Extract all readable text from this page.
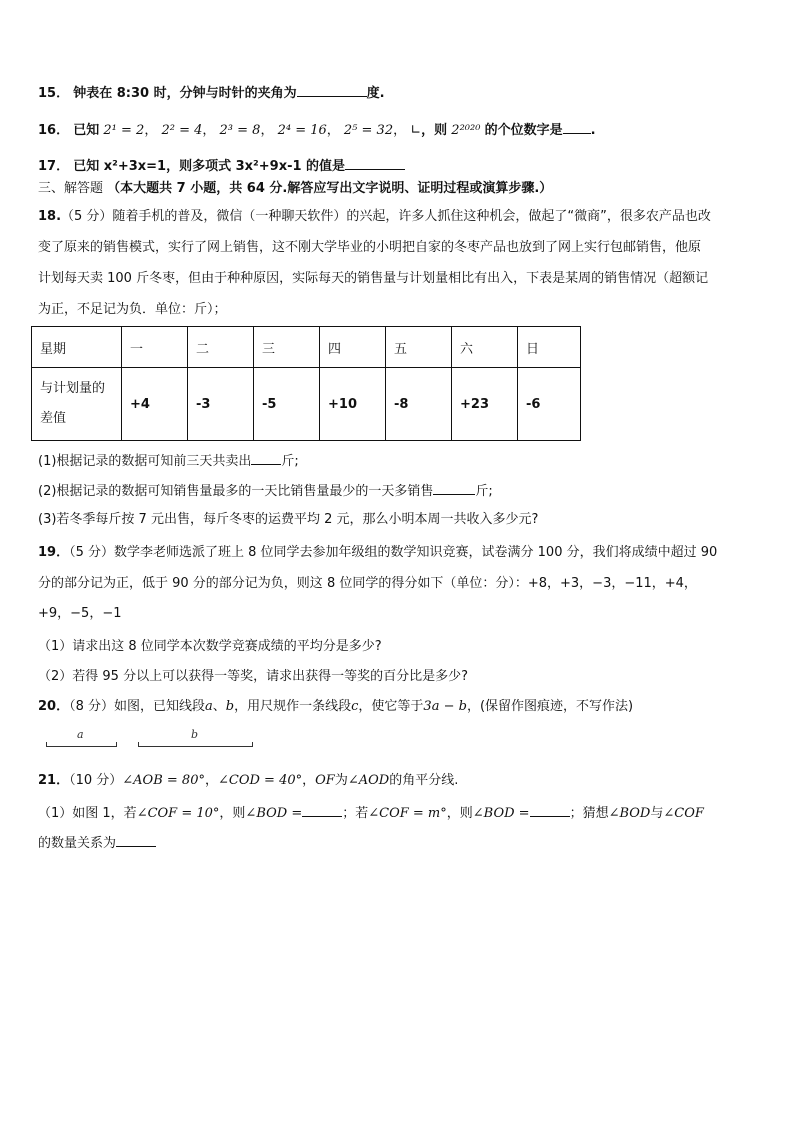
15． 钟表在 8:30 时，分钟与时针的夹角为	度.
16． 已知 2¹ = 2， 2² = 4， 2³ = 8， 2⁴ = 16， 2⁵ = 32， ∟，则 2²⁰²⁰ 的个位数字是 .
17． 已知 x²+3x=1，则多项式 3x²+9x-1 的值是
三、解答题 （本大题共 7 小题，共 64 分.解答应写出文字说明、证明过程或演算步骤.）
18.（5 分）随着手机的普及，微信（一种聊天软件）的兴起，许多人抓住这种机会，做起了“微商”，很多农产品也改
变了原来的销售模式，实行了网上销售，这不刚大学毕业的小明把自家的冬枣产品也放到了网上实行包邮销售，他原
计划每天卖 100 斤冬枣，但由于种种原因，实际每天的销售量与计划量相比有出入，下表是某周的销售情况（超额记
为正，不足记为负．单位：斤）；
星期	一	二	三	四	五	六	日

与计划量的
差值	+4	-3	-5	+10	-8	+23	-6
(1)根据记录的数据可知前三天共卖出 斤;
(2)根据记录的数据可知销售量最多的一天比销售量最少的一天多销售	斤;
(3)若冬季每斤按 7 元出售，每斤冬枣的运费平均 2 元，那么小明本周一共收入多少元?
19．（5 分）数学李老师选派了班上 8 位同学去参加年级组的数学知识竞赛，试卷满分 100 分，我们将成绩中超过 90
分的部分记为正，低于 90 分的部分记为负，则这 8 位同学的得分如下（单位：分）：+8，+3，−3，−11，+4，
+9，−5，−1
（1）请求出这 8 位同学本次数学竞赛成绩的平均分是多少?
（2）若得 95 分以上可以获得一等奖，请求出获得一等奖的百分比是多少?
20．（8 分）如图，已知线段a、b，用尺规作一条线段c，使它等于3a − b，(保留作图痕迹，不写作法)
a	b
21．（10 分）∠AOB = 80°，∠COD = 40°，OF为∠AOD的角平分线.
（1）如图 1，若∠COF = 10°，则∠BOD =	；若∠COF = m°，则∠BOD =	；猜想∠BOD与∠COF
的数量关系为
